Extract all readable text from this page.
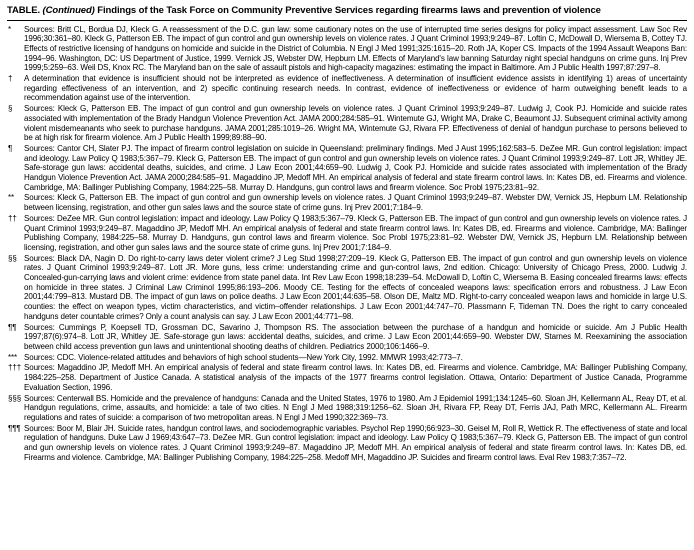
TABLE. (Continued) Findings of the Task Force on Community Preventive Services regarding firearms laws and prevention of violence
* Sources: Britt CL, Bordua DJ, Kleck G. A reassessment of the D.C. gun law: some cautionary notes on the use of interrupted time series designs for policy impact assessment. Law Soc Rev 1996;30:361–80. Kleck G, Patterson EB. The impact of gun control and gun ownership levels on violence rates. J Quant Criminol 1993;9:249–87. Loftin C, McDowall D, Wiersema B, Cottey TJ. Effects of restrictive licensing of handguns on homicide and suicide in the District of Columbia. N Engl J Med 1991;325:1615–20. Roth JA, Koper CS. Impacts of the 1994 Assault Weapons Ban: 1994–96. Washington, DC: US Department of Justice, 1999. Vernick JS, Webster DW, Hepburn LM. Effects of Maryland's law banning Saturday night special handguns on crime guns. Inj Prev 1999;5:259–63. Weil DS, Knox RC. The Maryland ban on the sale of assault pistols and high-capacity magazines: estimating the impact in Baltimore. Am J Public Health 1997;87:297–8.
† A determination that evidence is insufficient should not be interpreted as evidence of ineffectiveness. A determination of insufficient evidence assists in identifying 1) areas of uncertainty regarding effectiveness of an intervention, and 2) specific continuing research needs. In contrast, evidence of ineffectiveness or evidence of harm outweighing benefit leads to a recommendation against use of the intervention.
§ Sources: Kleck G, Patterson EB. The impact of gun control and gun ownership levels on violence rates. J Quant Criminol 1993;9:249–87. Ludwig J, Cook PJ. Homicide and suicide rates associated with implementation of the Brady Handgun Violence Prevention Act. JAMA 2000;284:585–91. Wintemute GJ, Wright MA, Drake C, Beaumont JJ. Subsequent criminal activity among violent misdemeanants who seek to purchase handguns. JAMA 2001;285:1019–26. Wright MA, Wintemute GJ, Rivara FP. Effectiveness of denial of handgun purchase to persons believed to be at high risk for firearm violence. Am J Public Health 1999;89:88–90.
¶ Sources: Cantor CH, Slater PJ. The impact of firearm control legislation on suicide in Queensland: preliminary findings. Med J Aust 1995;162:583–5. DeZee MR. Gun control legislation: impact and ideology. Law Policy Q 1983;5:367–79. Kleck G, Patterson EB. The impact of gun control and gun ownership levels on violence rates. J Quant Criminol 1993;9:249–87. Lott JR, Whitley JE. Safe-storage gun laws: accidental deaths, suicides, and crime. J Law Econ 2001;44:659–90. Ludwig J, Cook PJ. Homicide and suicide rates associated with implementation of the Brady Handgun Violence Prevention Act. JAMA 2000;284:585–91. Magaddino JP, Medoff MH. An empirical analysis of federal and state firearm control laws. In: Kates DB, ed. Firearms and violence. Cambridge, MA: Ballinger Publishing Company, 1984:225–58. Murray D. Handguns, gun control laws and firearm violence. Soc Probl 1975;23:81–92.
** Sources: Kleck G, Patterson EB. The impact of gun control and gun ownership levels on violence rates. J Quant Criminol 1993;9:249–87. Webster DW, Vernick JS, Hepburn LM. Relationship between licensing, registration, and other gun sales laws and the source state of crime guns. Inj Prev 2001;7:184–9.
†† Sources: DeZee MR. Gun control legislation: impact and ideology. Law Policy Q 1983;5:367–79. Kleck G, Patterson EB. The impact of gun control and gun ownership levels on violence rates. J Quant Criminol 1993;9:249–87. Magaddino JP, Medoff MH. An empirical analysis of federal and state firearm control laws. In: Kates DB, ed. Firearms and violence. Cambridge, MA: Ballinger Publishing Company, 1984:225–58. Murray D. Handguns, gun control laws and firearm violence. Soc Probl 1975;23:81–92. Webster DW, Vernick JS, Hepburn LM. Relationship between licensing, registration, and other gun sales laws and the source state of crime guns. Inj Prev 2001;7:184–9.
§§ Sources: Black DA, Nagin D. Do right-to-carry laws deter violent crime? J Leg Stud 1998;27:209–19. Kleck G, Patterson EB. The impact of gun control and gun ownership levels on violence rates. J Quant Criminol 1993;9:249–87. Lott JR. More guns, less crime: understanding crime and gun-control laws, 2nd edition. Chicago: University of Chicago Press, 2000. Ludwig J. Concealed-gun-carrying laws and violent crime: evidence from state panel data. Int Rev Law Econ 1998;18:239–54. McDowall D, Loftin C, Wiersema B. Easing concealed firearms laws: effects on homicide in three states. J Criminal Law Criminol 1995;86:193–206. Moody CE. Testing for the effects of concealed weapons laws: specification errors and robustness. J Law Econ 2001;44:799–813. Mustard DB. The impact of gun laws on police deaths. J Law Econ 2001;44:635–58. Olson DE, Maltz MD. Right-to-carry concealed weapon laws and homicide in large U.S. counties: the effect on weapon types, victim characteristics, and victim–offender relationships. J Law Econ 2001;44:747–70. Plassmann F, Tideman TN. Does the right to carry concealed handguns deter countable crimes? Only a count analysis can say. J Law Econ 2001;44:771–98.
¶¶ Sources: Cummings P, Koepsell TD, Grossman DC, Savarino J, Thompson RS. The association between the purchase of a handgun and homicide or suicide. Am J Public Health 1997;87(6):974–8. Lott JR, Whitley JE. Safe-storage gun laws: accidental deaths, suicides, and crime. J Law Econ 2001;44:659–90. Webster DW, Starnes M. Reexamining the association between child access prevention gun laws and unintentional shooting deaths of children. Pediatrics 2000;106:1466–9.
*** Sources: CDC. Violence-related attitudes and behaviors of high school students—New York City, 1992. MMWR 1993;42:773–7.
††† Sources: Magaddino JP, Medoff MH. An empirical analysis of federal and state firearm control laws. In: Kates DB, ed. Firearms and violence. Cambridge, MA: Ballinger Publishing Company, 1984:225–258. Department of Justice Canada. A statistical analysis of the impacts of the 1977 firearms control legislation. Ottawa, Ontario: Department of Justice Canada, Programme Evaluation Section, 1996.
§§§ Sources: Centerwall BS. Homicide and the prevalence of handguns: Canada and the United States, 1976 to 1980. Am J Epidemiol 1991;134:1245–60. Sloan JH, Kellermann AL, Reay DT, et al. Handgun regulations, crime, assaults, and homicide: a tale of two cities. N Engl J Med 1988;319:1256–62. Sloan JH, Rivara FP, Reay DT, Ferris JAJ, Path MRC, Kellermann AL. Firearm regulations and rates of suicide: a comparison of two metropolitan areas. N Engl J Med 1990;322:369–73.
¶¶¶ Sources: Boor M, Blair JH. Suicide rates, handgun control laws, and sociodemographic variables. Psychol Rep 1990;66:923–30. Geisel M, Roll R, Wettick R. The effectiveness of state and local regulation of handguns. Duke Law J 1969;43:647–73. DeZee MR. Gun control legislation: impact and ideology. Law Policy Q 1983;5:367–79. Kleck G, Patterson EB. The impact of gun control and gun ownership levels on violence rates. J Quant Criminol 1993;9:249–87. Magaddino JP, Medoff MH. An empirical analysis of federal and state firearm control laws. In: Kates DB, ed. Firearms and violence. Cambridge, MA: Ballinger Publishing Company, 1984:225–258. Medoff MH, Magaddino JP. Suicides and firearm control laws. Eval Rev 1983;7:357–72.
